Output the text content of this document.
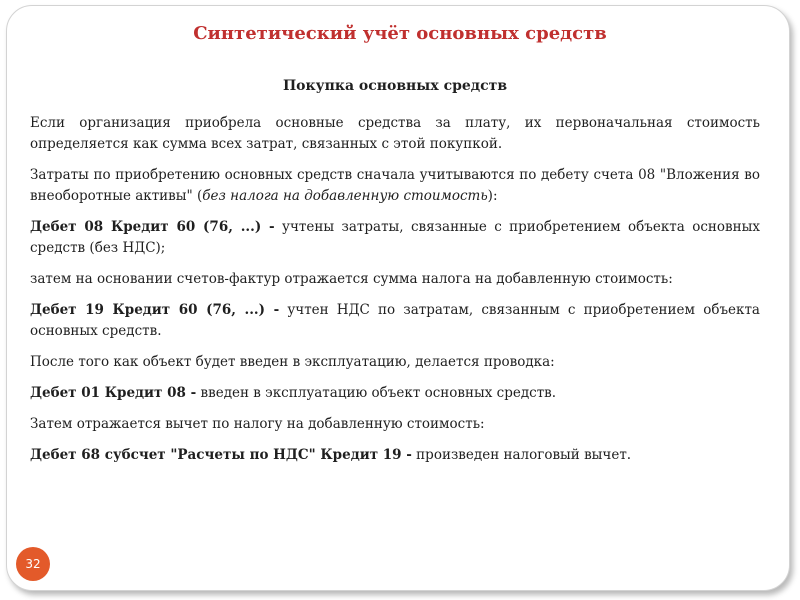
Синтетический учёт основных средств

Покупка основных средств

Если организация приобрела основные средства за плату, их первоначальная стоимость определяется как сумма всех затрат, связанных с этой покупкой.

Затраты по приобретению основных средств сначала учитываются по дебету счета 08 "Вложения во внеоборотные активы" (без налога на добавленную стоимость):

Дебет 08 Кредит 60 (76, ...) - учтены затраты, связанные с приобретением объекта основных средств (без НДС);

затем на основании счетов-фактур отражается сумма налога на добавленную стоимость:

Дебет 19 Кредит 60 (76, ...) - учтен НДС по затратам, связанным с приобретением объекта основных средств.

После того как объект будет введен в эксплуатацию, делается проводка:

Дебет 01 Кредит 08 - введен в эксплуатацию объект основных средств.

Затем отражается вычет по налогу на добавленную стоимость:

Дебет 68 субсчет "Расчеты по НДС" Кредит 19 - произведен налоговый вычет.

32
